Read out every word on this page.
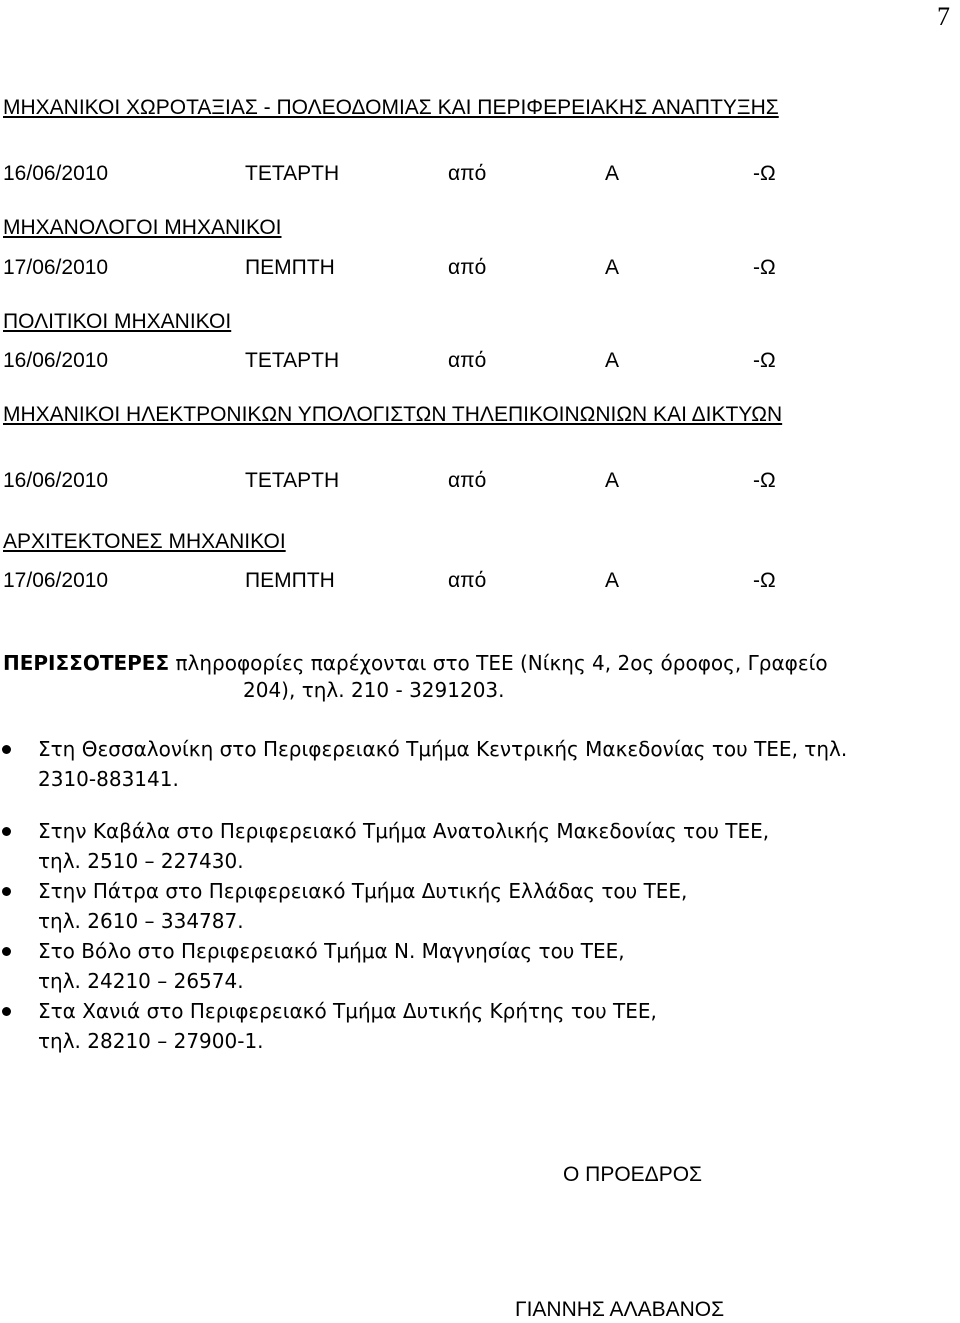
7
ΜΗΧΑΝΙΚΟΙ ΧΩΡΟΤΑΞΙΑΣ - ΠΟΛΕΟΔΟΜΙΑΣ ΚΑΙ ΠΕΡΙΦΕΡΕΙΑΚΗΣ ΑΝΑΠΤΥΞΗΣ
16/06/2010	ΤΕΤΑΡΤΗ	από	Α	-Ω
ΜΗΧΑΝΟΛΟΓΟΙ ΜΗΧΑΝΙΚΟΙ
17/06/2010	ΠΕΜΠΤΗ	από	Α	-Ω
ΠΟΛΙΤΙΚΟΙ ΜΗΧΑΝΙΚΟΙ
16/06/2010	ΤΕΤΑΡΤΗ	από	Α	-Ω
ΜΗΧΑΝΙΚΟΙ ΗΛΕΚΤΡΟΝΙΚΩΝ ΥΠΟΛΟΓΙΣΤΩΝ ΤΗΛΕΠΙΚΟΙΝΩΝΙΩΝ ΚΑΙ ΔΙΚΤΥΩΝ
16/06/2010	ΤΕΤΑΡΤΗ	από	Α	-Ω
ΑΡΧΙΤΕΚΤΟΝΕΣ ΜΗΧΑΝΙΚΟΙ
17/06/2010	ΠΕΜΠΤΗ	από	Α	-Ω
ΠΕΡΙΣΣΟΤΕΡΕΣ πληροφορίες παρέχονται στο ΤΕΕ (Νίκης 4, 2ος όροφος, Γραφείο
204), τηλ. 210 - 3291203.
Στη Θεσσαλονίκη στο Περιφερειακό Τμήμα Κεντρικής Μακεδονίας του ΤΕΕ, τηλ.
2310-883141.
Στην Καβάλα στο Περιφερειακό Τμήμα Ανατολικής Μακεδονίας του ΤΕΕ,
τηλ. 2510 – 227430.
Στην Πάτρα στο Περιφερειακό Τμήμα Δυτικής Ελλάδας του ΤΕΕ,
τηλ. 2610 – 334787.
Στο Βόλο στο Περιφερειακό Τμήμα Ν. Μαγνησίας του ΤΕΕ,
τηλ. 24210 – 26574.
Στα Χανιά στο Περιφερειακό Τμήμα Δυτικής Κρήτης του ΤΕΕ,
τηλ. 28210 – 27900-1.
Ο ΠΡΟΕΔΡΟΣ
ΓΙΑΝΝΗΣ ΑΛΑΒΑΝΟΣ
